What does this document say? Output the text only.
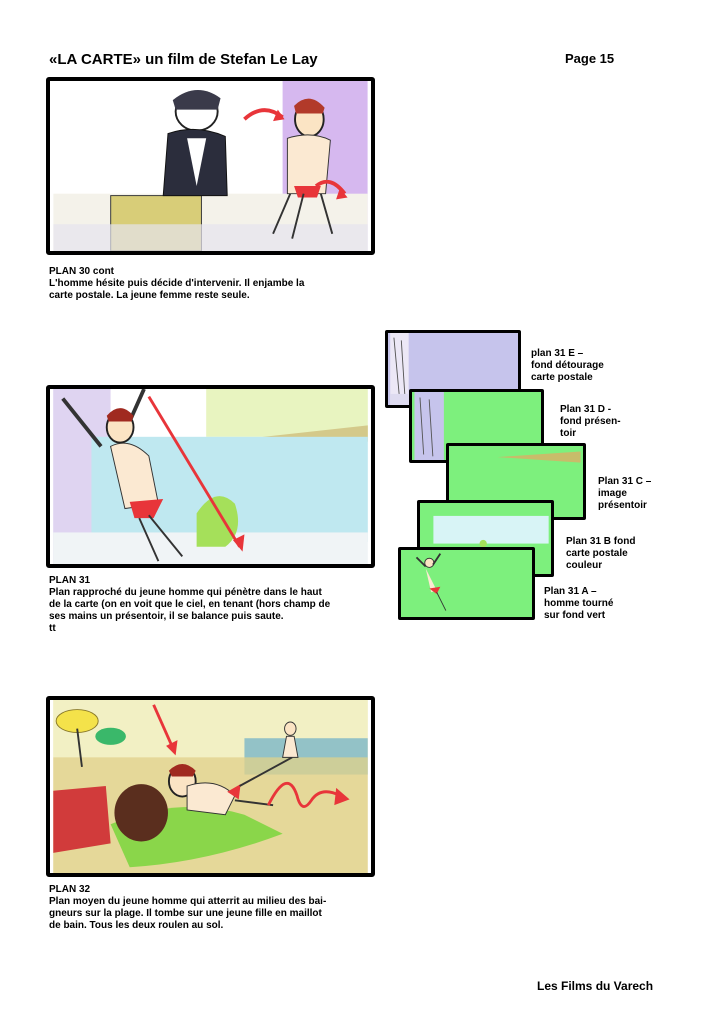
«LA CARTE» un film de Stefan Le Lay	Page 15
PLAN 30 cont
L'homme hésite puis décide d'intervenir. Il enjambe la
carte postale. La jeune femme reste seule.
PLAN 31
Plan rapproché du jeune homme qui pénètre dans le haut
de la carte (on en voit que le ciel, en tenant (hors champ de
ses mains un présentoir, il se balance puis saute.
tt
plan 31 E –
fond détourage
carte postale
Plan 31 D -
fond présen-
toir
Plan 31 C –
image
présentoir
Plan 31 B fond
carte postale
couleur
Plan 31 A –
homme tourné
sur fond vert
PLAN 32
Plan moyen du jeune homme qui atterrit au milieu des bai-
gneurs sur la plage. Il tombe sur une jeune fille en maillot
de bain. Tous les deux roulen au sol.
Les Films du Varech
